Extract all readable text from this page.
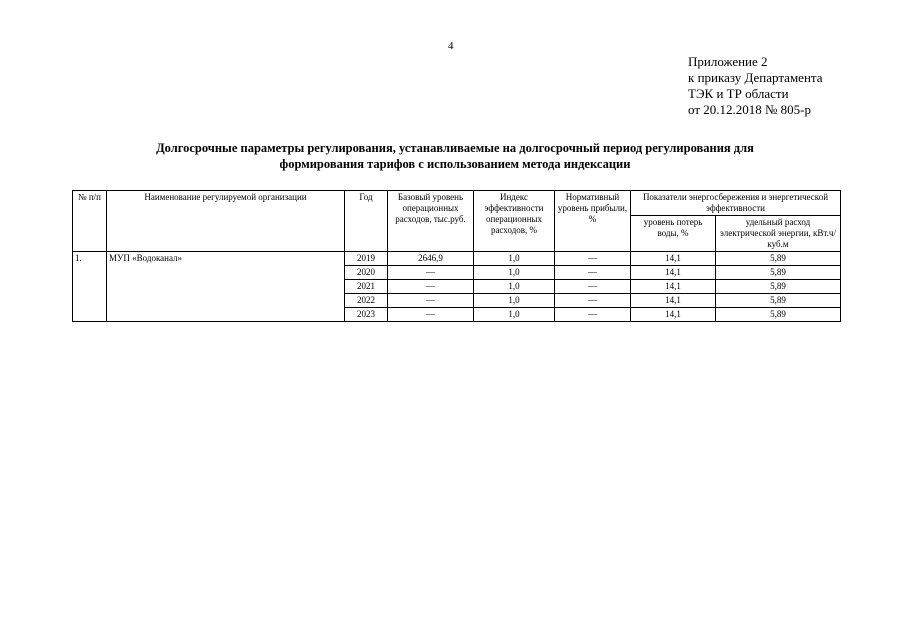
4
Приложение 2
к приказу Департамента
ТЭК и ТР области
от 20.12.2018 № 805-р
Долгосрочные параметры регулирования, устанавливаемые на долгосрочный период регулирования для
формирования тарифов с использованием метода индексации
№ п/п	Наименование регулируемой организации	Год	Базовый уровень операционных расходов, тыс.руб.	Индекс эффективности операционных расходов, %	Нормативный уровень прибыли, %	Показатели энергосбережения и энергетической эффективности	
						уровень потерь воды, %	удельный расход электрической энергии, кВт.ч/куб.м
1.	МУП «Водоканал»	2019	2646,9	1,0	—	14,1	5,89
		2020	—	1,0	—	14,1	5,89
		2021	—	1,0	—	14,1	5,89
		2022	—	1,0	—	14,1	5,89
		2023	—	1,0	—	14,1	5,89
